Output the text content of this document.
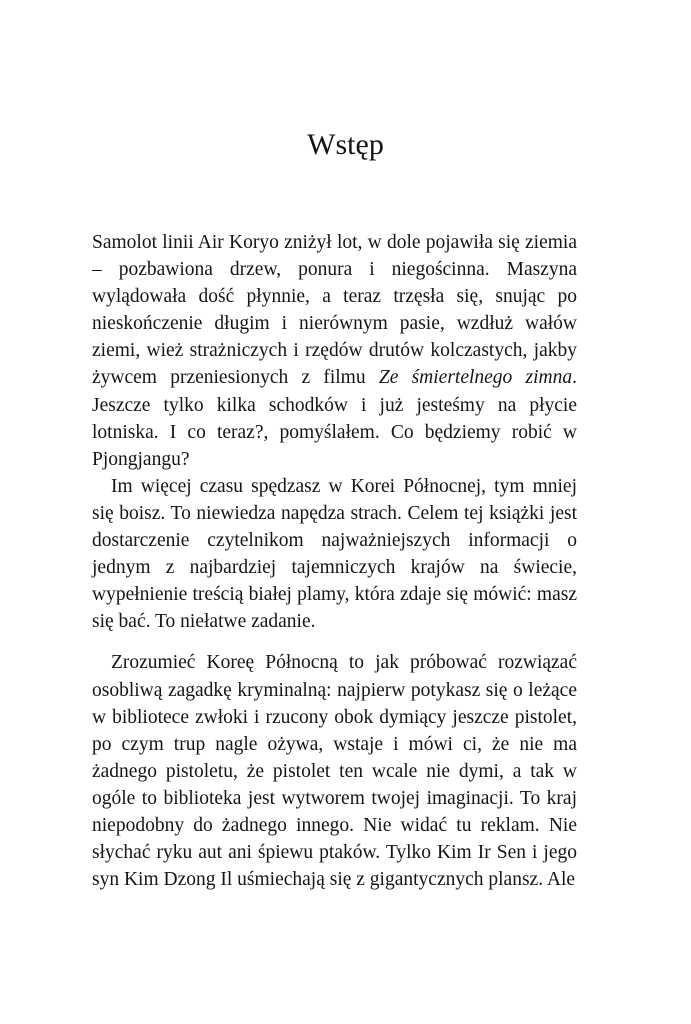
Wstęp

Samolot linii Air Koryo zniżył lot, w dole pojawiła się ziemia – pozbawiona drzew, ponura i niegościnna. Maszyna wylądowała dość płynnie, a teraz trzęsła się, snując po nieskończenie długim i nierównym pasie, wzdłuż wałów ziemi, wież strażniczych i rzędów drutów kolczastych, jakby żywcem przeniesionych z filmu Ze śmiertelnego zimna. Jeszcze tylko kilka schodków i już jesteśmy na płycie lotniska. I co teraz?, pomyślałem. Co będziemy robić w Pjongjangu?

Im więcej czasu spędzasz w Korei Północnej, tym mniej się boisz. To niewiedza napędza strach. Celem tej książki jest dostarczenie czytelnikom najważniejszych informacji o jednym z najbardziej tajemniczych krajów na świecie, wypełnienie treścią białej plamy, która zdaje się mówić: masz się bać. To niełatwe zadanie.

Zrozumieć Koreę Północną to jak próbować rozwiązać osobliwą zagadkę kryminalną: najpierw potykasz się o leżące w bibliotece zwłoki i rzucony obok dymiący jeszcze pistolet, po czym trup nagle ożywa, wstaje i mówi ci, że nie ma żadnego pistoletu, że pistolet ten wcale nie dymi, a tak w ogóle to biblioteka jest wytworem twojej imaginacji. To kraj niepodobny do żadnego innego. Nie widać tu reklam. Nie słychać ryku aut ani śpiewu ptaków. Tylko Kim Ir Sen i jego syn Kim Dzong Il uśmiechają się z gigantycznych plansz. Ale
